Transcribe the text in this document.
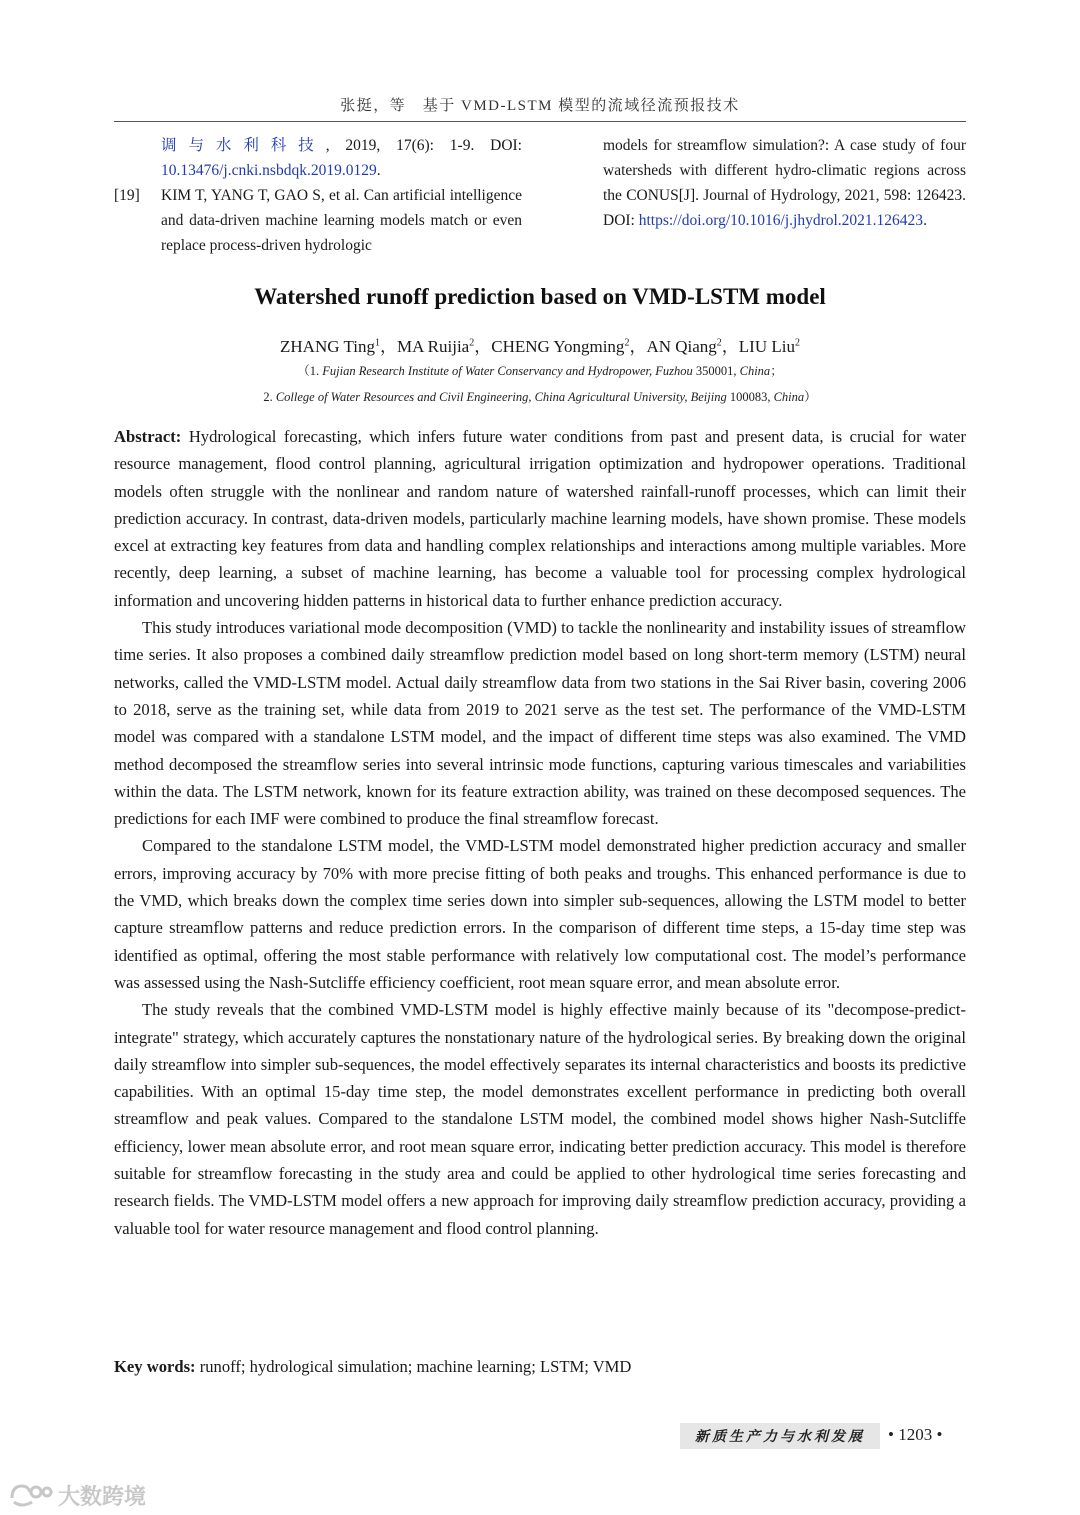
张挺，等　基于 VMD-LSTM 模型的流域径流预报技术
调与水利科技, 2019, 17(6): 1-9. DOI: 10.13476/j.cnki.nsbdqk.2019.0129.
[19] KIM T, YANG T, GAO S, et al. Can artificial intelligence and data-driven machine learning models match or even replace process-driven hydrologic
models for streamflow simulation?: A case study of four watersheds with different hydro-climatic regions across the CONUS[J]. Journal of Hydrology, 2021, 598: 126423. DOI: https://doi.org/10.1016/j.jhydrol.2021.126423.
Watershed runoff prediction based on VMD-LSTM model
ZHANG Ting$^1$，MA Ruijia$^2$，CHENG Yongming$^2$，AN Qiang$^2$，LIU Liu$^2$
（1. Fujian Research Institute of Water Conservancy and Hydropower, Fuzhou 350001, China；
2. College of Water Resources and Civil Engineering, China Agricultural University, Beijing 100083, China）

Abstract: Hydrological forecasting, which infers future water conditions from past and present data, is crucial for water resource management, flood control planning, agricultural irrigation optimization and hydropower operations. Traditional models often struggle with the nonlinear and random nature of watershed rainfall-runoff processes, which can limit their prediction accuracy. In contrast, data-driven models, particularly machine learning models, have shown promise. These models excel at extracting key features from data and handling complex relationships and interactions among multiple variables. More recently, deep learning, a subset of machine learning, has become a valuable tool for processing complex hydrological information and uncovering hidden patterns in historical data to further enhance prediction accuracy.

This study introduces variational mode decomposition (VMD) to tackle the nonlinearity and instability issues of streamflow time series. It also proposes a combined daily streamflow prediction model based on long short-term memory (LSTM) neural networks, called the VMD-LSTM model. Actual daily streamflow data from two stations in the Sai River basin, covering 2006 to 2018, serve as the training set, while data from 2019 to 2021 serve as the test set. The performance of the VMD-LSTM model was compared with a standalone LSTM model, and the impact of different time steps was also examined. The VMD method decomposed the streamflow series into several intrinsic mode functions, capturing various timescales and variabilities within the data. The LSTM network, known for its feature extraction ability, was trained on these decomposed sequences. The predictions for each IMF were combined to produce the final streamflow forecast.

Compared to the standalone LSTM model, the VMD-LSTM model demonstrated higher prediction accuracy and smaller errors, improving accuracy by 70% with more precise fitting of both peaks and troughs. This enhanced performance is due to the VMD, which breaks down the complex time series down into simpler sub-sequences, allowing the LSTM model to better capture streamflow patterns and reduce prediction errors. In the comparison of different time steps, a 15-day time step was identified as optimal, offering the most stable performance with relatively low computational cost. The model’s performance was assessed using the Nash-Sutcliffe efficiency coefficient, root mean square error, and mean absolute error.

The study reveals that the combined VMD-LSTM model is highly effective mainly because of its "decompose-predict-integrate" strategy, which accurately captures the nonstationary nature of the hydrological series. By breaking down the original daily streamflow into simpler sub-sequences, the model effectively separates its internal characteristics and boosts its predictive capabilities. With an optimal 15-day time step, the model demonstrates excellent performance in predicting both overall streamflow and peak values. Compared to the standalone LSTM model, the combined model shows higher Nash-Sutcliffe efficiency, lower mean absolute error, and root mean square error, indicating better prediction accuracy. This model is therefore suitable for streamflow forecasting in the study area and could be applied to other hydrological time series forecasting and research fields. The VMD-LSTM model offers a new approach for improving daily streamflow prediction accuracy, providing a valuable tool for water resource management and flood control planning.

Key words: runoff; hydrological simulation; machine learning; LSTM; VMD
新质生产力与水利发展	• 1203 •
大数跨境
